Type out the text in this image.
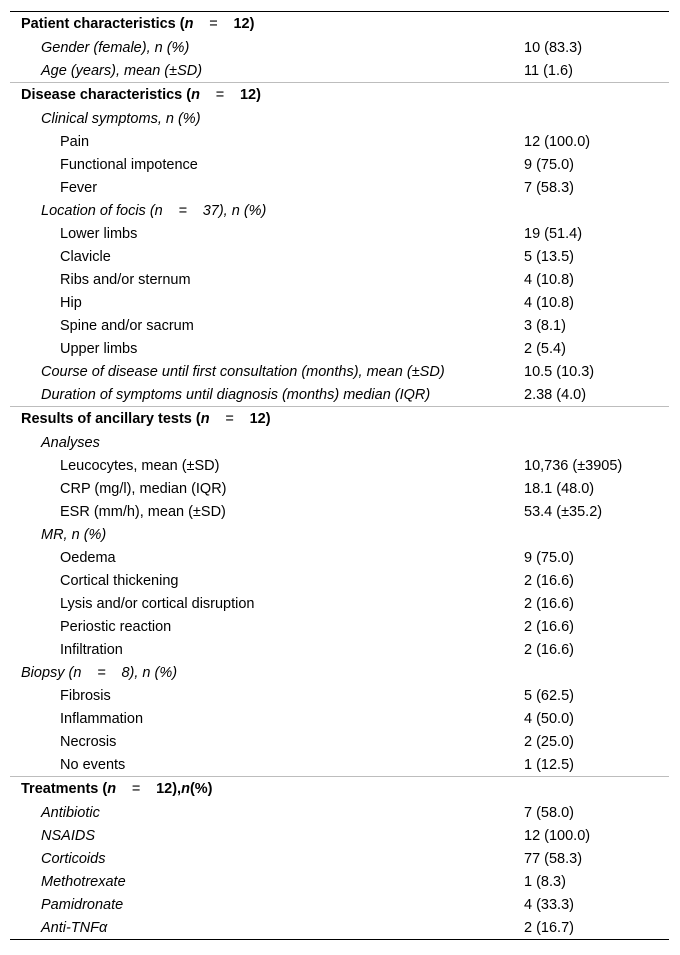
Patient characteristics (n = 12)	
Gender (female), n (%)	10 (83.3)
Age (years), mean (±SD)	11 (1.6)
Disease characteristics (n = 12)	
Clinical symptoms, n (%)	
Pain	12 (100.0)
Functional impotence	9 (75.0)
Fever	7 (58.3)
Location of focis (n = 37), n (%)	
Lower limbs	19 (51.4)
Clavicle	5 (13.5)
Ribs and/or sternum	4 (10.8)
Hip	4 (10.8)
Spine and/or sacrum	3 (8.1)
Upper limbs	2 (5.4)
Course of disease until first consultation (months), mean (±SD)	10.5 (10.3)
Duration of symptoms until diagnosis (months) median (IQR)	2.38 (4.0)
Results of ancillary tests (n = 12)	
Analyses	
Leucocytes, mean (±SD)	10,736 (±3905)
CRP (mg/l), median (IQR)	18.1 (48.0)
ESR (mm/h), mean (±SD)	53.4 (±35.2)
MR, n (%)	
Oedema	9 (75.0)
Cortical thickening	2 (16.6)
Lysis and/or cortical disruption	2 (16.6)
Periostic reaction	2 (16.6)
Infiltration	2 (16.6)
Biopsy (n = 8), n (%)	
Fibrosis	5 (62.5)
Inflammation	4 (50.0)
Necrosis	2 (25.0)
No events	1 (12.5)
Treatments (n = 12),n(%)	
Antibiotic	7 (58.0)
NSAIDS	12 (100.0)
Corticoids	77 (58.3)
Methotrexate	1 (8.3)
Pamidronate	4 (33.3)
Anti-TNFα	2 (16.7)
